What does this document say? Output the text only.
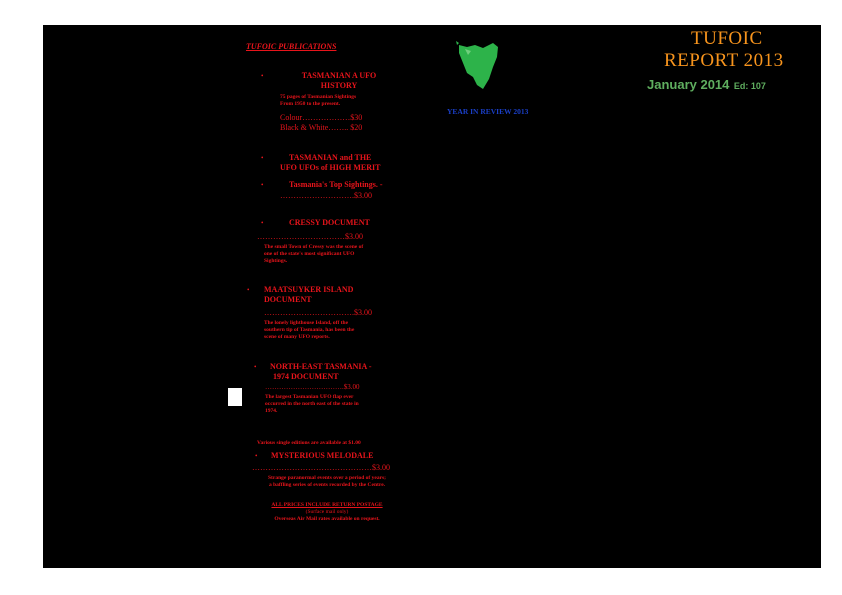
TUFOIC PUBLICATIONS
•	TASMANIAN A UFO
HISTORY
75 pages of Tasmanian Sightings
From 1950 to the present.
Colour………………$30
Black & White…….. $20
•	TASMANIAN and THE
UFO UFOs of HIGH MERIT
•	Tasmania's Top Sightings. -
……………………….$3.00
•	CRESSY DOCUMENT
……………………………$3.00
The small Town of Cressy was the scene of
one of the state's most significant UFO
Sightings.
• MAATSUYKER ISLAND
DOCUMENT
…………………………….$3.00
The lonely lighthouse Island, off the
southern tip of Tasmania, has been the
scene of many UFO reports.
• NORTH-EAST TASMANIA -
1974 DOCUMENT
…………………………….$3.00
The largest Tasmanian UFO flap ever
occurred in the north east of the state in
1974.
Various single editions are available at $1.00
• MYSTERIOUS MELODALE
………………………………………$3.00
Strange paranormal events over a period of years;
a baffling series of events recorded by the Centre.
ALL PRICES INCLUDE RETURN POSTAGE
(Surface mail only)
Overseas Air Mail rates available on request.
YEAR IN REVIEW 2013
TUFOIC
REPORT 2013
January 2014 Ed: 107
